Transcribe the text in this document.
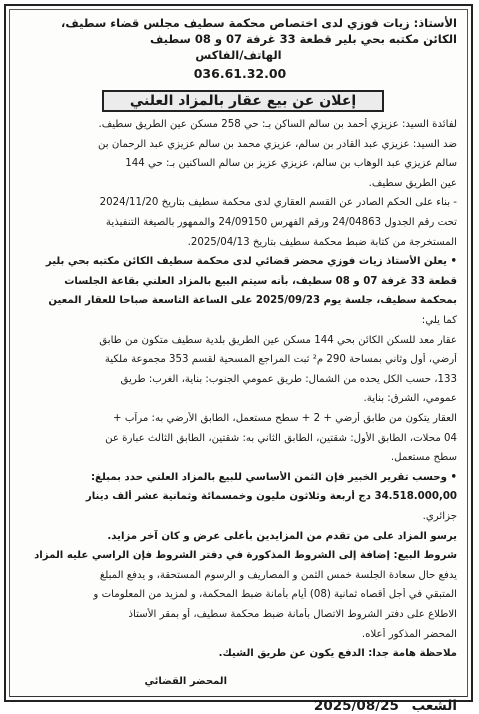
الأستاذ: زيات فوزي لدى اختصاص محكمة سطيف مجلس قضاء سطيف،
الكائن مكتبه بحي بلير قطعة 33 غرفة 07 و 08 سطيف
الهاتف/الفاكس
036.61.32.00
إعلان عن بيع عقار بالمزاد العلني
لفائدة السيد: عزيزي أحمد بن سالم الساكن بـ: حي 258 مسكن عين الطريق سطيف.
ضد السيد: عزيزي عبد القادر بن سالم، عزيزي محمد بن سالم عزيزي عبد الرحمان بن
سالم عزيزي عبد الوهاب بن سالم، عزيزي عزيز بن سالم الساكنين بـ: حي 144
عين الطريق سطيف.
- بناء على الحكم الصادر عن القسم العقاري لدى محكمة سطيف بتاريخ 2024/11/20
تحت رقم الجدول 24/04863 ورقم الفهرس 24/09150 والممهور بالصيغة التنفيذية
المستخرجة من كتابة ضبط محكمة سطيف بتاريخ 2025/04/13.
• يعلن الأستاذ زيات فوزي محضر قضائي لدى محكمة سطيف الكائن مكتبه بحي بلير
قطعة 33 غرفة 07 و 08 سطيف، بأنه سيتم البيع بالمزاد العلني بقاعة الجلسات
بمحكمة سطيف، جلسة يوم 2025/09/23 على الساعة التاسعة صباحا للعقار المعين
كما يلي:
عقار معد للسكن الكائن بحي 144 مسكن عين الطريق بلدية سطيف متكون من طابق
أرضي، أول وثاني بمساحة 290 م² ثبت المراجع المسحية لقسم 353 مجموعة ملكية
133، حسب الكل يحده من الشمال: طريق عمومي الجنوب: بناية، الغرب: طريق
عمومي، الشرق: بناية.
العقار يتكون من طابق أرضي + 2 + سطح مستعمل، الطابق الأرضي به: مرآب +
04 محلات، الطابق الأول: شقتين، الطابق الثاني به: شقتين، الطابق الثالث عبارة عن
سطح مستعمل.
• وحسب تقرير الخبير فإن الثمن الأساسي للبيع بالمزاد العلني حدد بمبلغ:
34.518.000,00 دج أربعة وثلاثون مليون وخمسمائة وثمانية عشر ألف دينار
جزائري.
يرسو المزاد على من تقدم من المزايدين بأعلى عرض و كان آخر مزايد.
شروط البيع: إضافة إلى الشروط المذكورة في دفتر الشروط فإن الراسي عليه المزاد
يدفع حال سعادة الجلسة خمس الثمن و المصاريف و الرسوم المستحقة، و يدفع المبلغ
المتبقي في أجل أقصاه ثمانية (08) أيام بأمانة ضبط المحكمة، و لمزيد من المعلومات و
الاطلاع على دفتر الشروط الاتصال بأمانة ضبط محكمة سطيف، أو بمقر الأستاذ
المحضر المذكور أعلاه.
ملاحظة هامة جدا: الدفع يكون عن طريق الشيك.
المحضر القضائي
الشعب 2025/08/25
